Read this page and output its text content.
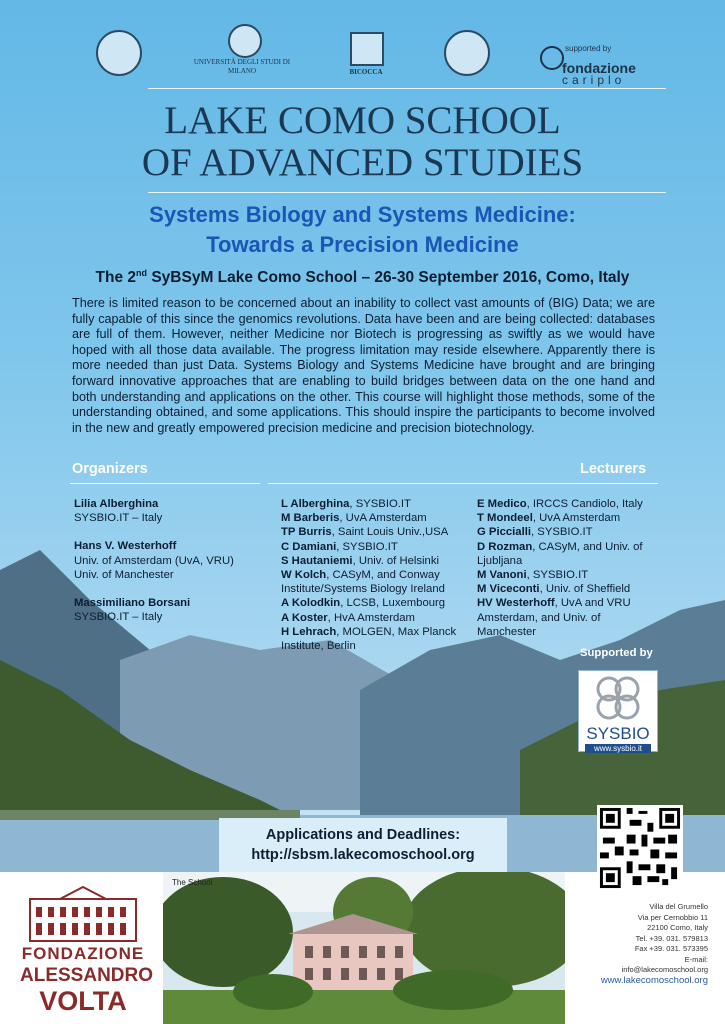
UNIVERSITÀ DEGLI STUDI DI MILANO	BICOCCA
supported by
fondazione
cariplo
LAKE COMO SCHOOL
OF ADVANCED STUDIES
Systems Biology and Systems Medicine:
Towards a Precision Medicine
The 2nd SyBSyM Lake Como School – 26-30 September 2016, Como, Italy
There is limited reason to be concerned about an inability to collect vast amounts of (BIG) Data; we are fully capable of this since the genomics revolutions. Data have been and are being collected: databases are full of them. However, neither Medicine nor Biotech is progressing as swiftly as we would have hoped with all those data available. The progress limitation may reside elsewhere. Apparently there is more needed than just Data. Systems Biology and Systems Medicine have brought and are bringing forward innovative approaches that are enabling to build bridges between data on the one hand and both understanding and applications on the other. This course will highlight those methods, some of the understanding obtained, and some applications. This should inspire the participants to become involved in the new and greatly empowered precision medicine and precision biotechnology.
Organizers	Lecturers
Lilia Alberghina
SYSBIO.IT – Italy
Hans V. Westerhoff
Univ. of Amsterdam (UvA, VRU)
Univ. of Manchester
Massimiliano Borsani
SYSBIO.IT – Italy
L Alberghina, SYSBIO.IT
M Barberis, UvA Amsterdam
TP Burris, Saint Louis Univ.,USA
C Damiani, SYSBIO.IT
S Hautaniemi, Univ. of Helsinki
W Kolch, CASyM, and Conway Institute/Systems Biology Ireland
A Kolodkin, LCSB, Luxembourg
A Koster, HvA Amsterdam
H Lehrach, MOLGEN, Max Planck Institute, Berlin
E Medico, IRCCS Candiolo, Italy
T Mondeel, UvA Amsterdam
G Piccialli, SYSBIO.IT
D Rozman, CASyM, and Univ. of Ljubljana
M Vanoni, SYSBIO.IT
M Viceconti, Univ. of Sheffield
HV Westerhoff, UvA and VRU Amsterdam, and Univ. of Manchester
Supported by
SYSBIO
www.sysbio.it
Applications and Deadlines:
http://sbsm.lakecomoschool.org
FONDAZIONE
ALESSANDRO
VOLTA
The School
Villa del Grumello
Via per Cernobbio 11
22100 Como, Italy
Tel. +39. 031. 579813
Fax +39. 031. 573395
E-mail: info@lakecomoschool.org
www.lakecomoschool.org
